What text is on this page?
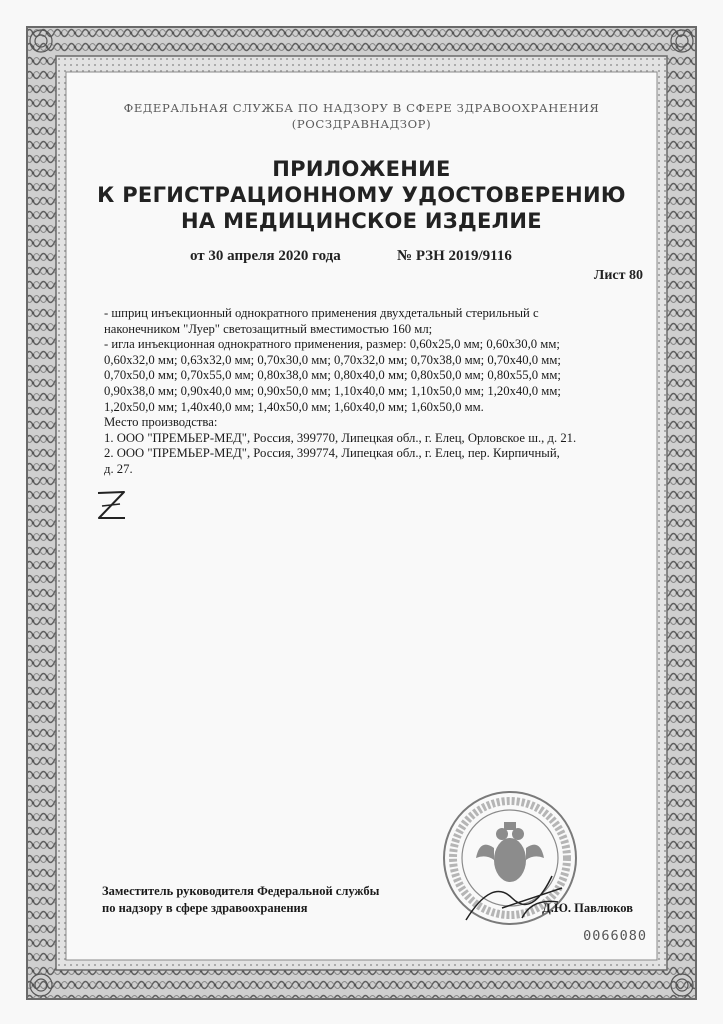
ФЕДЕРАЛЬНАЯ СЛУЖБА ПО НАДЗОРУ В СФЕРЕ ЗДРАВООХРАНЕНИЯ
(РОСЗДРАВНАДЗОР)
ПРИЛОЖЕНИЕ
К РЕГИСТРАЦИОННОМУ УДОСТОВЕРЕНИЮ
НА МЕДИЦИНСКОЕ ИЗДЕЛИЕ
от 30 апреля 2020 года	№ РЗН 2019/9116
Лист 80

- шприц инъекционный однократного применения двухдетальный стерильный с

наконечником "Луер" светозащитный вместимостью 160 мл;

- игла инъекционная однократного применения, размер: 0,60x25,0 мм; 0,60x30,0 мм;

0,60x32,0 мм; 0,63x32,0 мм; 0,70x30,0 мм; 0,70x32,0 мм; 0,70x38,0 мм; 0,70x40,0 мм;

0,70x50,0 мм; 0,70x55,0 мм; 0,80x38,0 мм; 0,80x40,0 мм; 0,80x50,0 мм; 0,80x55,0 мм;

0,90x38,0 мм; 0,90x40,0 мм; 0,90x50,0 мм; 1,10x40,0 мм; 1,10x50,0 мм; 1,20x40,0 мм;

1,20x50,0 мм; 1,40x40,0 мм; 1,40x50,0 мм; 1,60x40,0 мм; 1,60x50,0 мм.

Место производства:

1. ООО "ПРЕМЬЕР-МЕД", Россия, 399770, Липецкая обл., г. Елец, Орловское ш., д. 21.

2. ООО "ПРЕМЬЕР-МЕД", Россия, 399774, Липецкая обл., г. Елец, пер. Кирпичный,

д. 27.

Заместитель руководителя Федеральной службы
по надзору в сфере здравоохранения	Д.Ю. Павлюков
0066080
